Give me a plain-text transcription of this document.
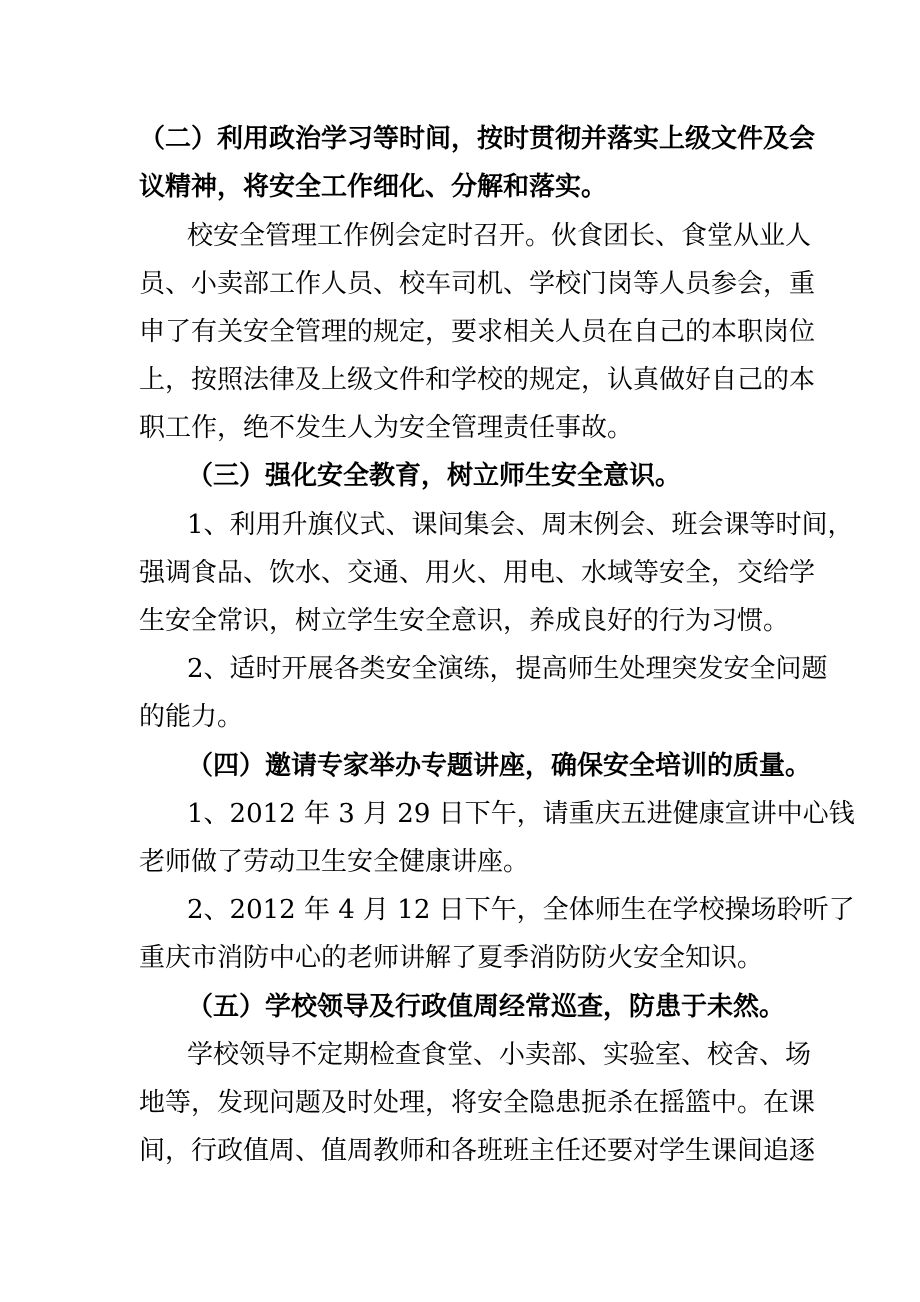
（二）利用政治学习等时间，按时贯彻并落实上级文件及会
议精神，将安全工作细化、分解和落实。
校安全管理工作例会定时召开。伙食团长、食堂从业人
员、小卖部工作人员、校车司机、学校门岗等人员参会，重
申了有关安全管理的规定，要求相关人员在自己的本职岗位
上，按照法律及上级文件和学校的规定，认真做好自己的本
职工作，绝不发生人为安全管理责任事故。
（三）强化安全教育，树立师生安全意识。
1、利用升旗仪式、课间集会、周末例会、班会课等时间，
强调食品、饮水、交通、用火、用电、水域等安全，交给学
生安全常识，树立学生安全意识，养成良好的行为习惯。
2、适时开展各类安全演练，提高师生处理突发安全问题
的能力。
（四）邀请专家举办专题讲座，确保安全培训的质量。
1、2012 年 3 月 29 日下午，请重庆五进健康宣讲中心钱
老师做了劳动卫生安全健康讲座。
2、2012 年 4 月 12 日下午，全体师生在学校操场聆听了
重庆市消防中心的老师讲解了夏季消防防火安全知识。
（五）学校领导及行政值周经常巡查，防患于未然。
学校领导不定期检查食堂、小卖部、实验室、校舍、场
地等，发现问题及时处理，将安全隐患扼杀在摇篮中。在课
间，行政值周、值周教师和各班班主任还要对学生课间追逐
